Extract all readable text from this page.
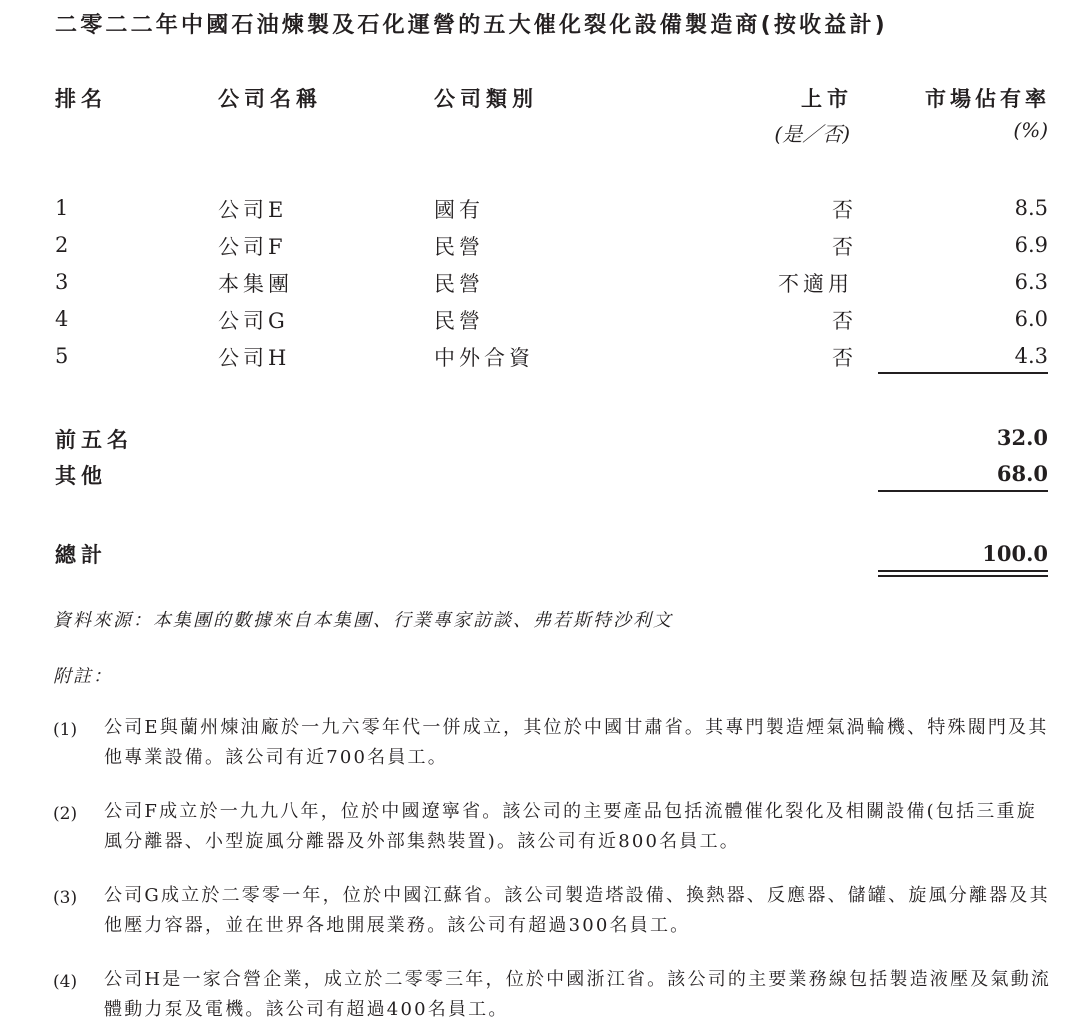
二零二二年中國石油煉製及石化運營的五大催化裂化設備製造商(按收益計)
排名	公司名稱	公司類別	上市	市場佔有率
(是／否)	(%)
1	公司E	國有	否	8.5
2	公司F	民營	否	6.9
3	本集團	民營	不適用	6.3
4	公司G	民營	否	6.0
5	公司H	中外合資	否	4.3
前五名	32.0
其他	68.0
總計	100.0
資料來源：本集團的數據來自本集團、行業專家訪談、弗若斯特沙利文
附註：
(1) 公司E與蘭州煉油廠於一九六零年代一併成立，其位於中國甘肅省。其專門製造煙氣渦輪機、特殊閥門及其他專業設備。該公司有近700名員工。
(2) 公司F成立於一九九八年，位於中國遼寧省。該公司的主要產品包括流體催化裂化及相關設備(包括三重旋風分離器、小型旋風分離器及外部集熱裝置)。該公司有近800名員工。
(3) 公司G成立於二零零一年，位於中國江蘇省。該公司製造塔設備、換熱器、反應器、儲罐、旋風分離器及其他壓力容器，並在世界各地開展業務。該公司有超過300名員工。
(4) 公司H是一家合營企業，成立於二零零三年，位於中國浙江省。該公司的主要業務線包括製造液壓及氣動流體動力泵及電機。該公司有超過400名員工。
